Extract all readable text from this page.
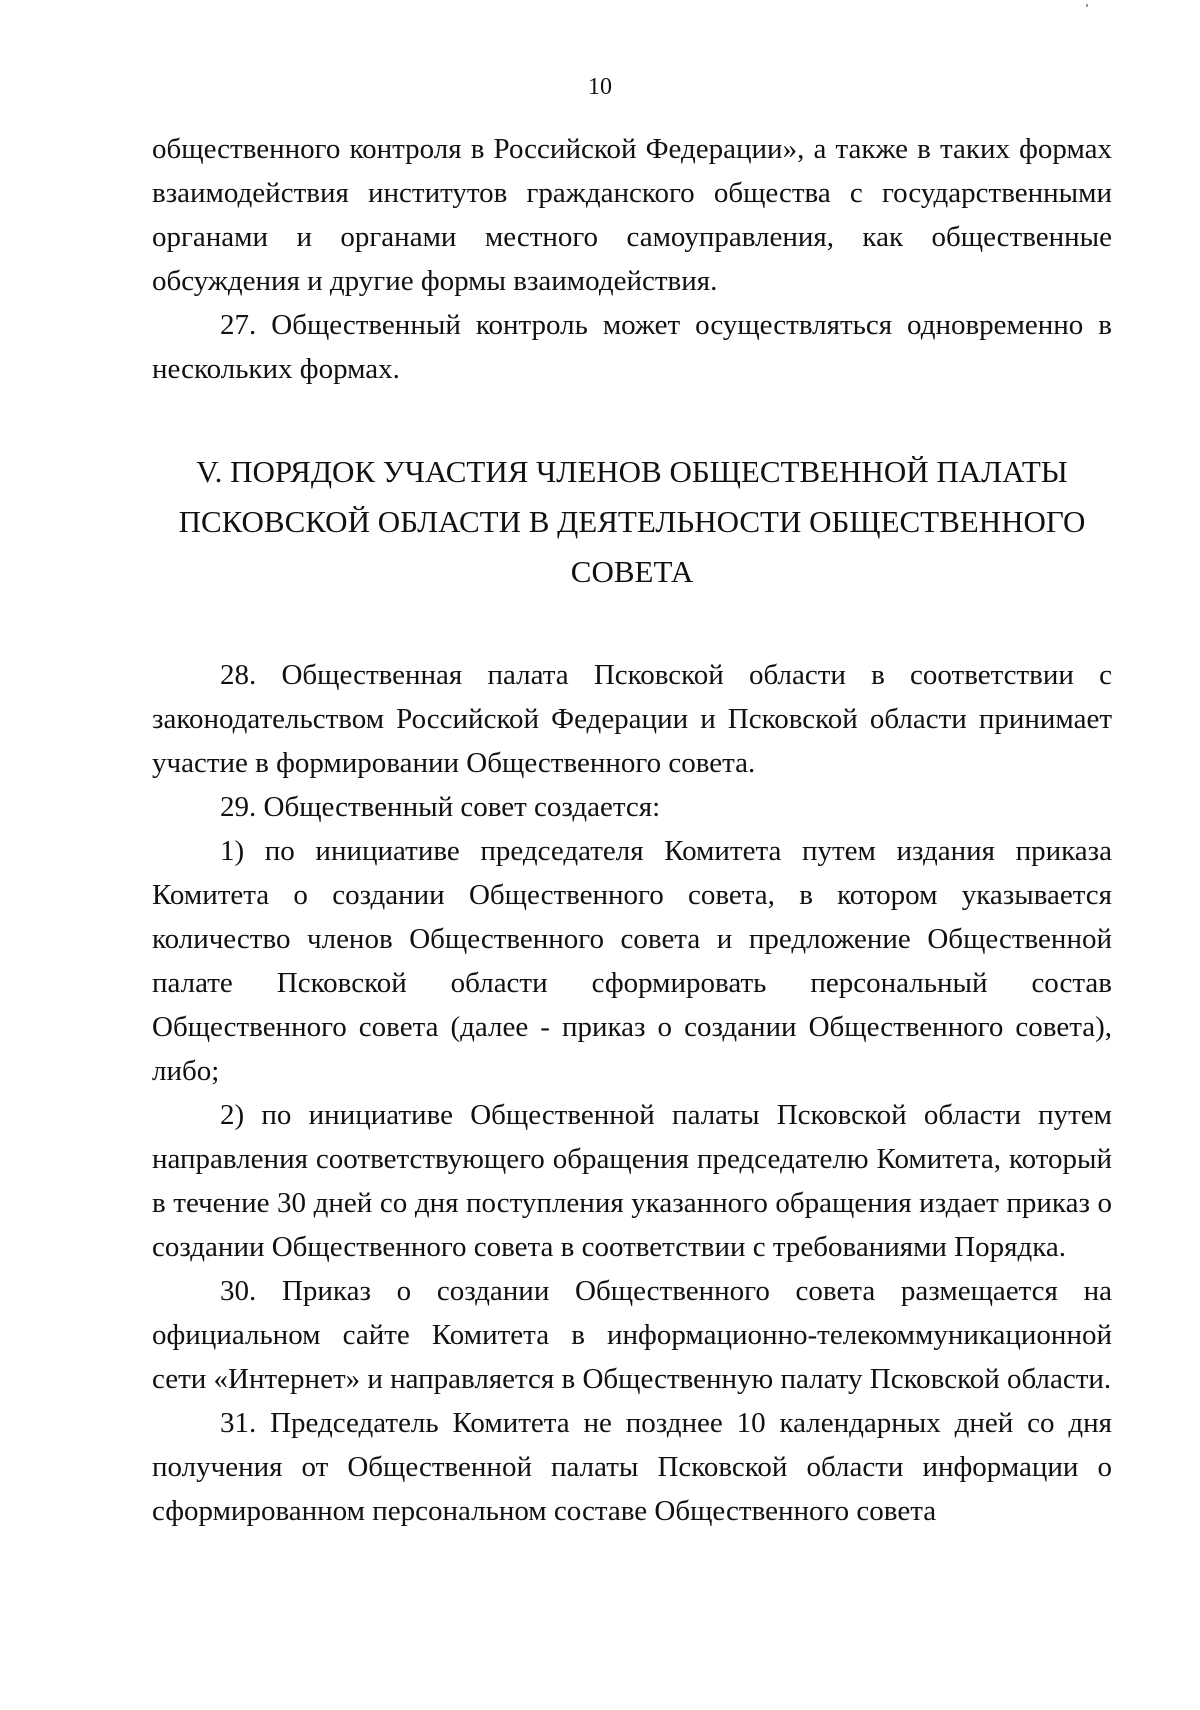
10

общественного контроля в Российской Федерации», а также в таких формах взаимодействия институтов гражданского общества с государственными органами и органами местного самоуправления, как общественные обсуждения и другие формы взаимодействия.

27. Общественный контроль может осуществляться одновременно в нескольких формах.

V. ПОРЯДОК УЧАСТИЯ ЧЛЕНОВ ОБЩЕСТВЕННОЙ ПАЛАТЫ
ПСКОВСКОЙ ОБЛАСТИ В ДЕЯТЕЛЬНОСТИ ОБЩЕСТВЕННОГО
СОВЕТА

28. Общественная палата Псковской области в соответствии с законодательством Российской Федерации и Псковской области принимает участие в формировании Общественного совета.

29. Общественный совет создается:

1) по инициативе председателя Комитета путем издания приказа Комитета о создании Общественного совета, в котором указывается количество членов Общественного совета и предложение Общественной палате Псковской области сформировать персональный состав Общественного совета (далее - приказ о создании Общественного совета), либо;

2) по инициативе Общественной палаты Псковской области путем направления соответствующего обращения председателю Комитета, который в течение 30 дней со дня поступления указанного обращения издает приказ о создании Общественного совета в соответствии с требованиями Порядка.

30. Приказ о создании Общественного совета размещается на официальном сайте Комитета в информационно-телекоммуникационной сети «Интернет» и направляется в Общественную палату Псковской области.

31. Председатель Комитета не позднее 10 календарных дней со дня получения от Общественной палаты Псковской области информации о сформированном персональном составе Общественного совета
